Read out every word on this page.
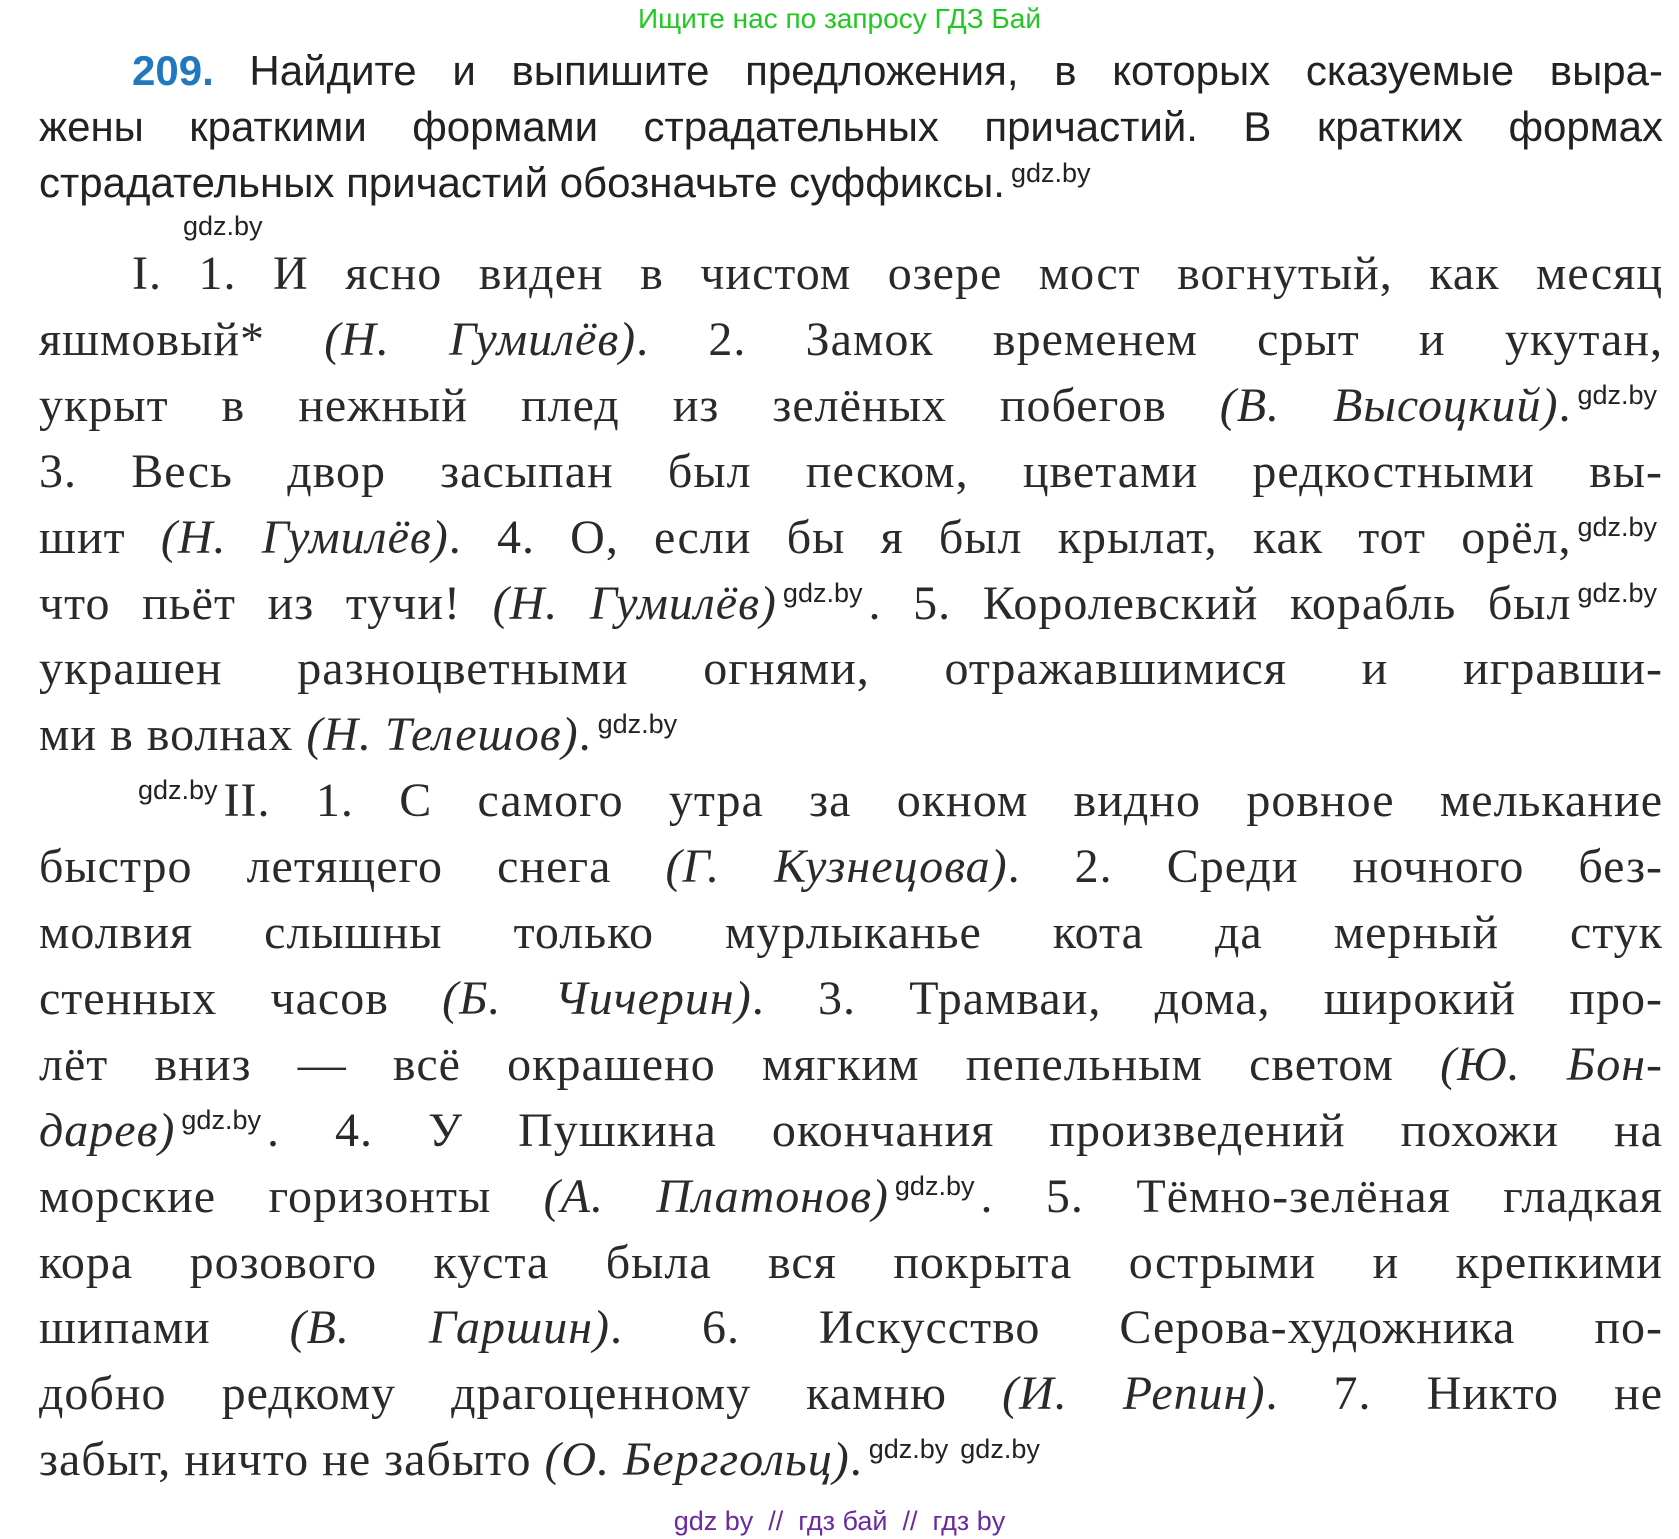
Ищите нас по запросу ГДЗ Бай
209. Найдите и выпишите предложения, в которых сказуемые выра-
жены краткими формами страдательных причастий. В кратких формах
страдательных причастий обозначьте суффиксы. $^{gdz.by}$
gdz.by
I. 1. И ясно виден в чистом озере мост вогнутый, как месяц
яшмовый* (Н. Гумилёв). 2. Замок временем срыт и укутан,
укрыт в нежный плед из зелёных побегов (В. Высоцкий). $^{gdz.by}$
3. Весь двор засыпан был песком, цветами редкостными вы-
шит (Н. Гумилёв). 4. О, если бы я был крылат, как тот орёл, $^{gdz.by}$
что пьёт из тучи! (Н. Гумилёв) $^{gdz.by}$ . 5. Королевский корабль был $^{gdz.by}$
украшен разноцветными огнями, отражавшимися и игравши-
ми в волнах (Н. Телешов). $^{gdz.by}$
$^{gdz.by}$ II. 1. С самого утра за окном видно ровное мелькание
быстро летящего снега (Г. Кузнецова). 2. Среди ночного без-
молвия слышны только мурлыканье кота да мерный стук
стенных часов (Б. Чичерин). 3. Трамваи, дома, широкий про-
лёт вниз — всё окрашено мягким пепельным светом (Ю. Бон-
дарев) $^{gdz.by}$ . 4. У Пушкина окончания произведений похожи на
морские горизонты (А. Платонов) $^{gdz.by}$ . 5. Тёмно-зелёная гладкая
кора розового куста была вся покрыта острыми и крепкими
шипами (В. Гаршин). 6. Искусство Серова-художника по-
добно редкому драгоценному камню (И. Репин). 7. Никто не
забыт, ничто не забыто (О. Берггольц). $^{gdz.by}$ $^{gdz.by}$
gdz by  //  гдз бай  //  гдз by
